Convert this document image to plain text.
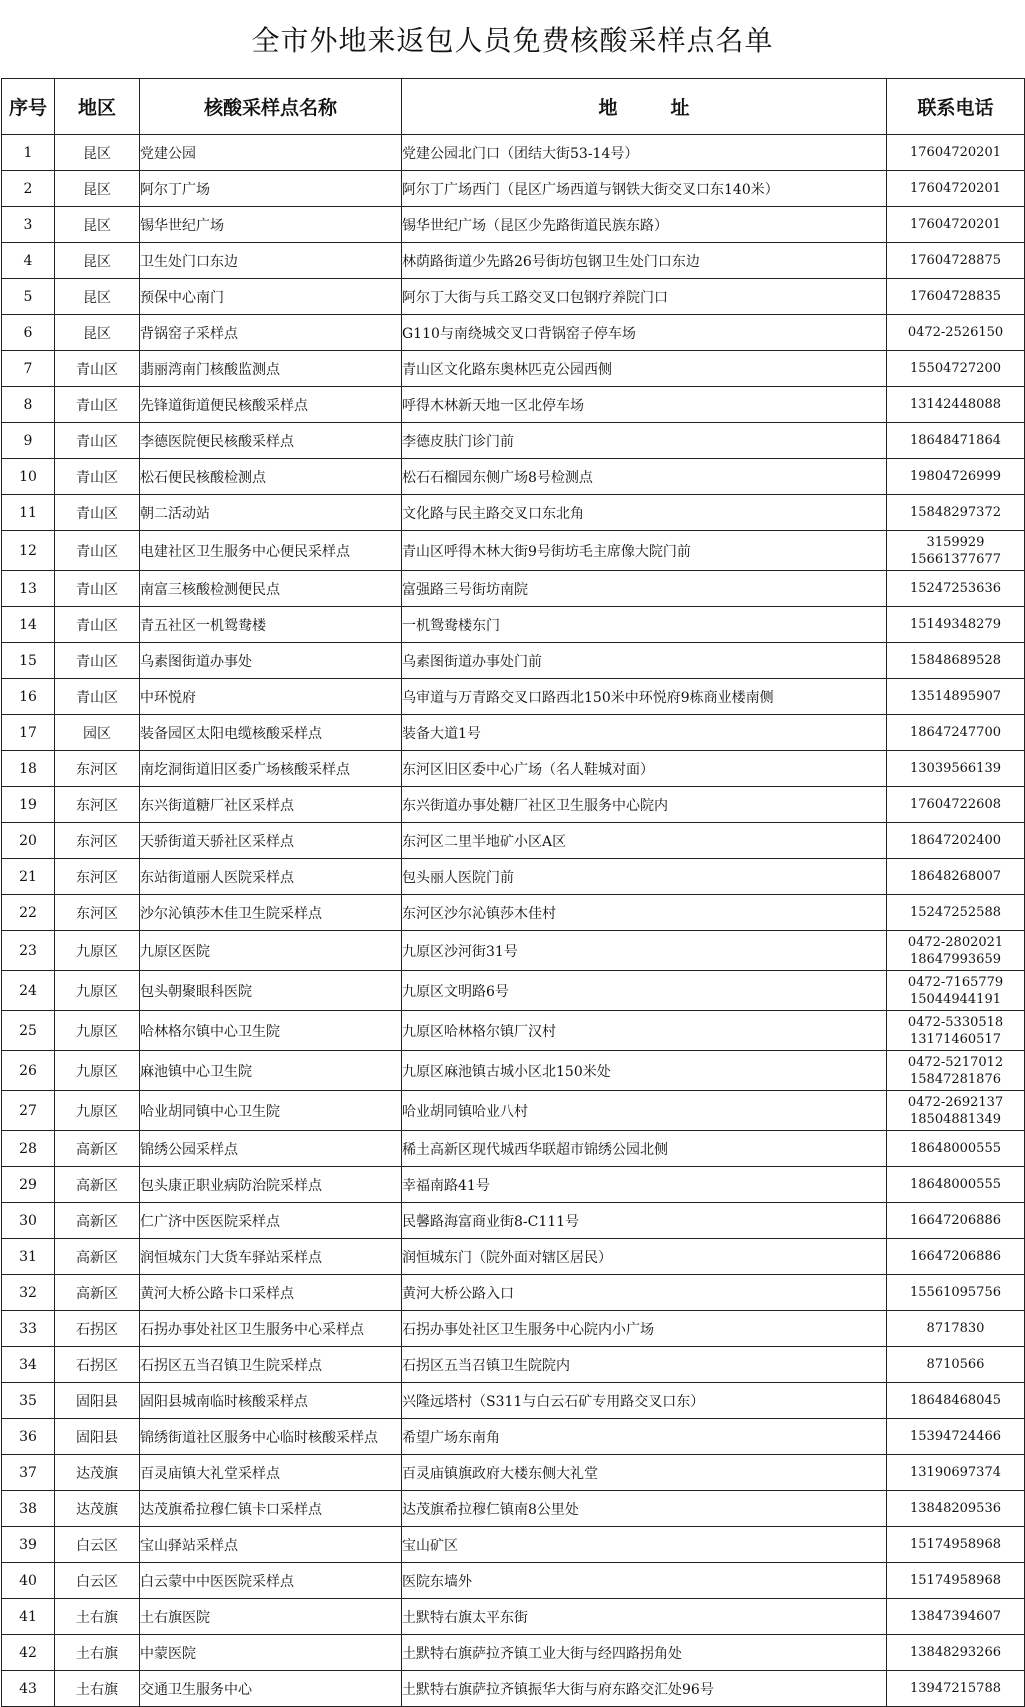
全市外地来返包人员免费核酸采样点名单
序号	地区	核酸采样点名称	地        址	联系电话
1	昆区	党建公园	党建公园北门口（团结大街53-14号）	17604720201
2	昆区	阿尔丁广场	阿尔丁广场西门（昆区广场西道与钢铁大街交叉口东140米）	17604720201
3	昆区	锡华世纪广场	锡华世纪广场（昆区少先路街道民族东路）	17604720201
4	昆区	卫生处门口东边	林荫路街道少先路26号街坊包钢卫生处门口东边	17604728875
5	昆区	预保中心南门	阿尔丁大街与兵工路交叉口包钢疗养院门口	17604728835
6	昆区	背锅窑子采样点	G110与南绕城交叉口背锅窑子停车场	0472-2526150
7	青山区	翡丽湾南门核酸监测点	青山区文化路东奥林匹克公园西侧	15504727200
8	青山区	先锋道街道便民核酸采样点	呼得木林新天地一区北停车场	13142448088
9	青山区	李德医院便民核酸采样点	李德皮肤门诊门前	18648471864
10	青山区	松石便民核酸检测点	松石石榴园东侧广场8号检测点	19804726999
11	青山区	朝二活动站	文化路与民主路交叉口东北角	15848297372
12	青山区	电建社区卫生服务中心便民采样点	青山区呼得木林大街9号街坊毛主席像大院门前	3159929
15661377677
13	青山区	南富三核酸检测便民点	富强路三号街坊南院	15247253636
14	青山区	青五社区一机鸳鸯楼	一机鸳鸯楼东门	15149348279
15	青山区	乌素图街道办事处	乌素图街道办事处门前	15848689528
16	青山区	中环悦府	乌审道与万青路交叉口路西北150米中环悦府9栋商业楼南侧	13514895907
17	园区	装备园区太阳电缆核酸采样点	装备大道1号	18647247700
18	东河区	南圪洞街道旧区委广场核酸采样点	东河区旧区委中心广场（名人鞋城对面）	13039566139
19	东河区	东兴街道糖厂社区采样点	东兴街道办事处糖厂社区卫生服务中心院内	17604722608
20	东河区	天骄街道天骄社区采样点	东河区二里半地矿小区A区	18647202400
21	东河区	东站街道丽人医院采样点	包头丽人医院门前	18648268007
22	东河区	沙尔沁镇莎木佳卫生院采样点	东河区沙尔沁镇莎木佳村	15247252588
23	九原区	九原区医院	九原区沙河街31号	0472-2802021
18647993659
24	九原区	包头朝聚眼科医院	九原区文明路6号	0472-7165779
15044944191
25	九原区	哈林格尔镇中心卫生院	九原区哈林格尔镇厂汉村	0472-5330518
13171460517
26	九原区	麻池镇中心卫生院	九原区麻池镇古城小区北150米处	0472-5217012
15847281876
27	九原区	哈业胡同镇中心卫生院	哈业胡同镇哈业八村	0472-2692137
18504881349
28	高新区	锦绣公园采样点	稀土高新区现代城西华联超市锦绣公园北侧	18648000555
29	高新区	包头康正职业病防治院采样点	幸福南路41号	18648000555
30	高新区	仁广济中医医院采样点	民馨路海富商业街8-C111号	16647206886
31	高新区	润恒城东门大货车驿站采样点	润恒城东门（院外面对辖区居民）	16647206886
32	高新区	黄河大桥公路卡口采样点	黄河大桥公路入口	15561095756
33	石拐区	石拐办事处社区卫生服务中心采样点	石拐办事处社区卫生服务中心院内小广场	8717830
34	石拐区	石拐区五当召镇卫生院采样点	石拐区五当召镇卫生院院内	8710566
35	固阳县	固阳县城南临时核酸采样点	兴隆远塔村（S311与白云石矿专用路交叉口东）	18648468045
36	固阳县	锦绣街道社区服务中心临时核酸采样点	希望广场东南角	15394724466
37	达茂旗	百灵庙镇大礼堂采样点	百灵庙镇旗政府大楼东侧大礼堂	13190697374
38	达茂旗	达茂旗希拉穆仁镇卡口采样点	达茂旗希拉穆仁镇南8公里处	13848209536
39	白云区	宝山驿站采样点	宝山矿区	15174958968
40	白云区	白云蒙中中医医院采样点	医院东墙外	15174958968
41	土右旗	土右旗医院	土默特右旗太平东街	13847394607
42	土右旗	中蒙医院	土默特右旗萨拉齐镇工业大街与经四路拐角处	13848293266
43	土右旗	交通卫生服务中心	土默特右旗萨拉齐镇振华大街与府东路交汇处96号	13947215788
